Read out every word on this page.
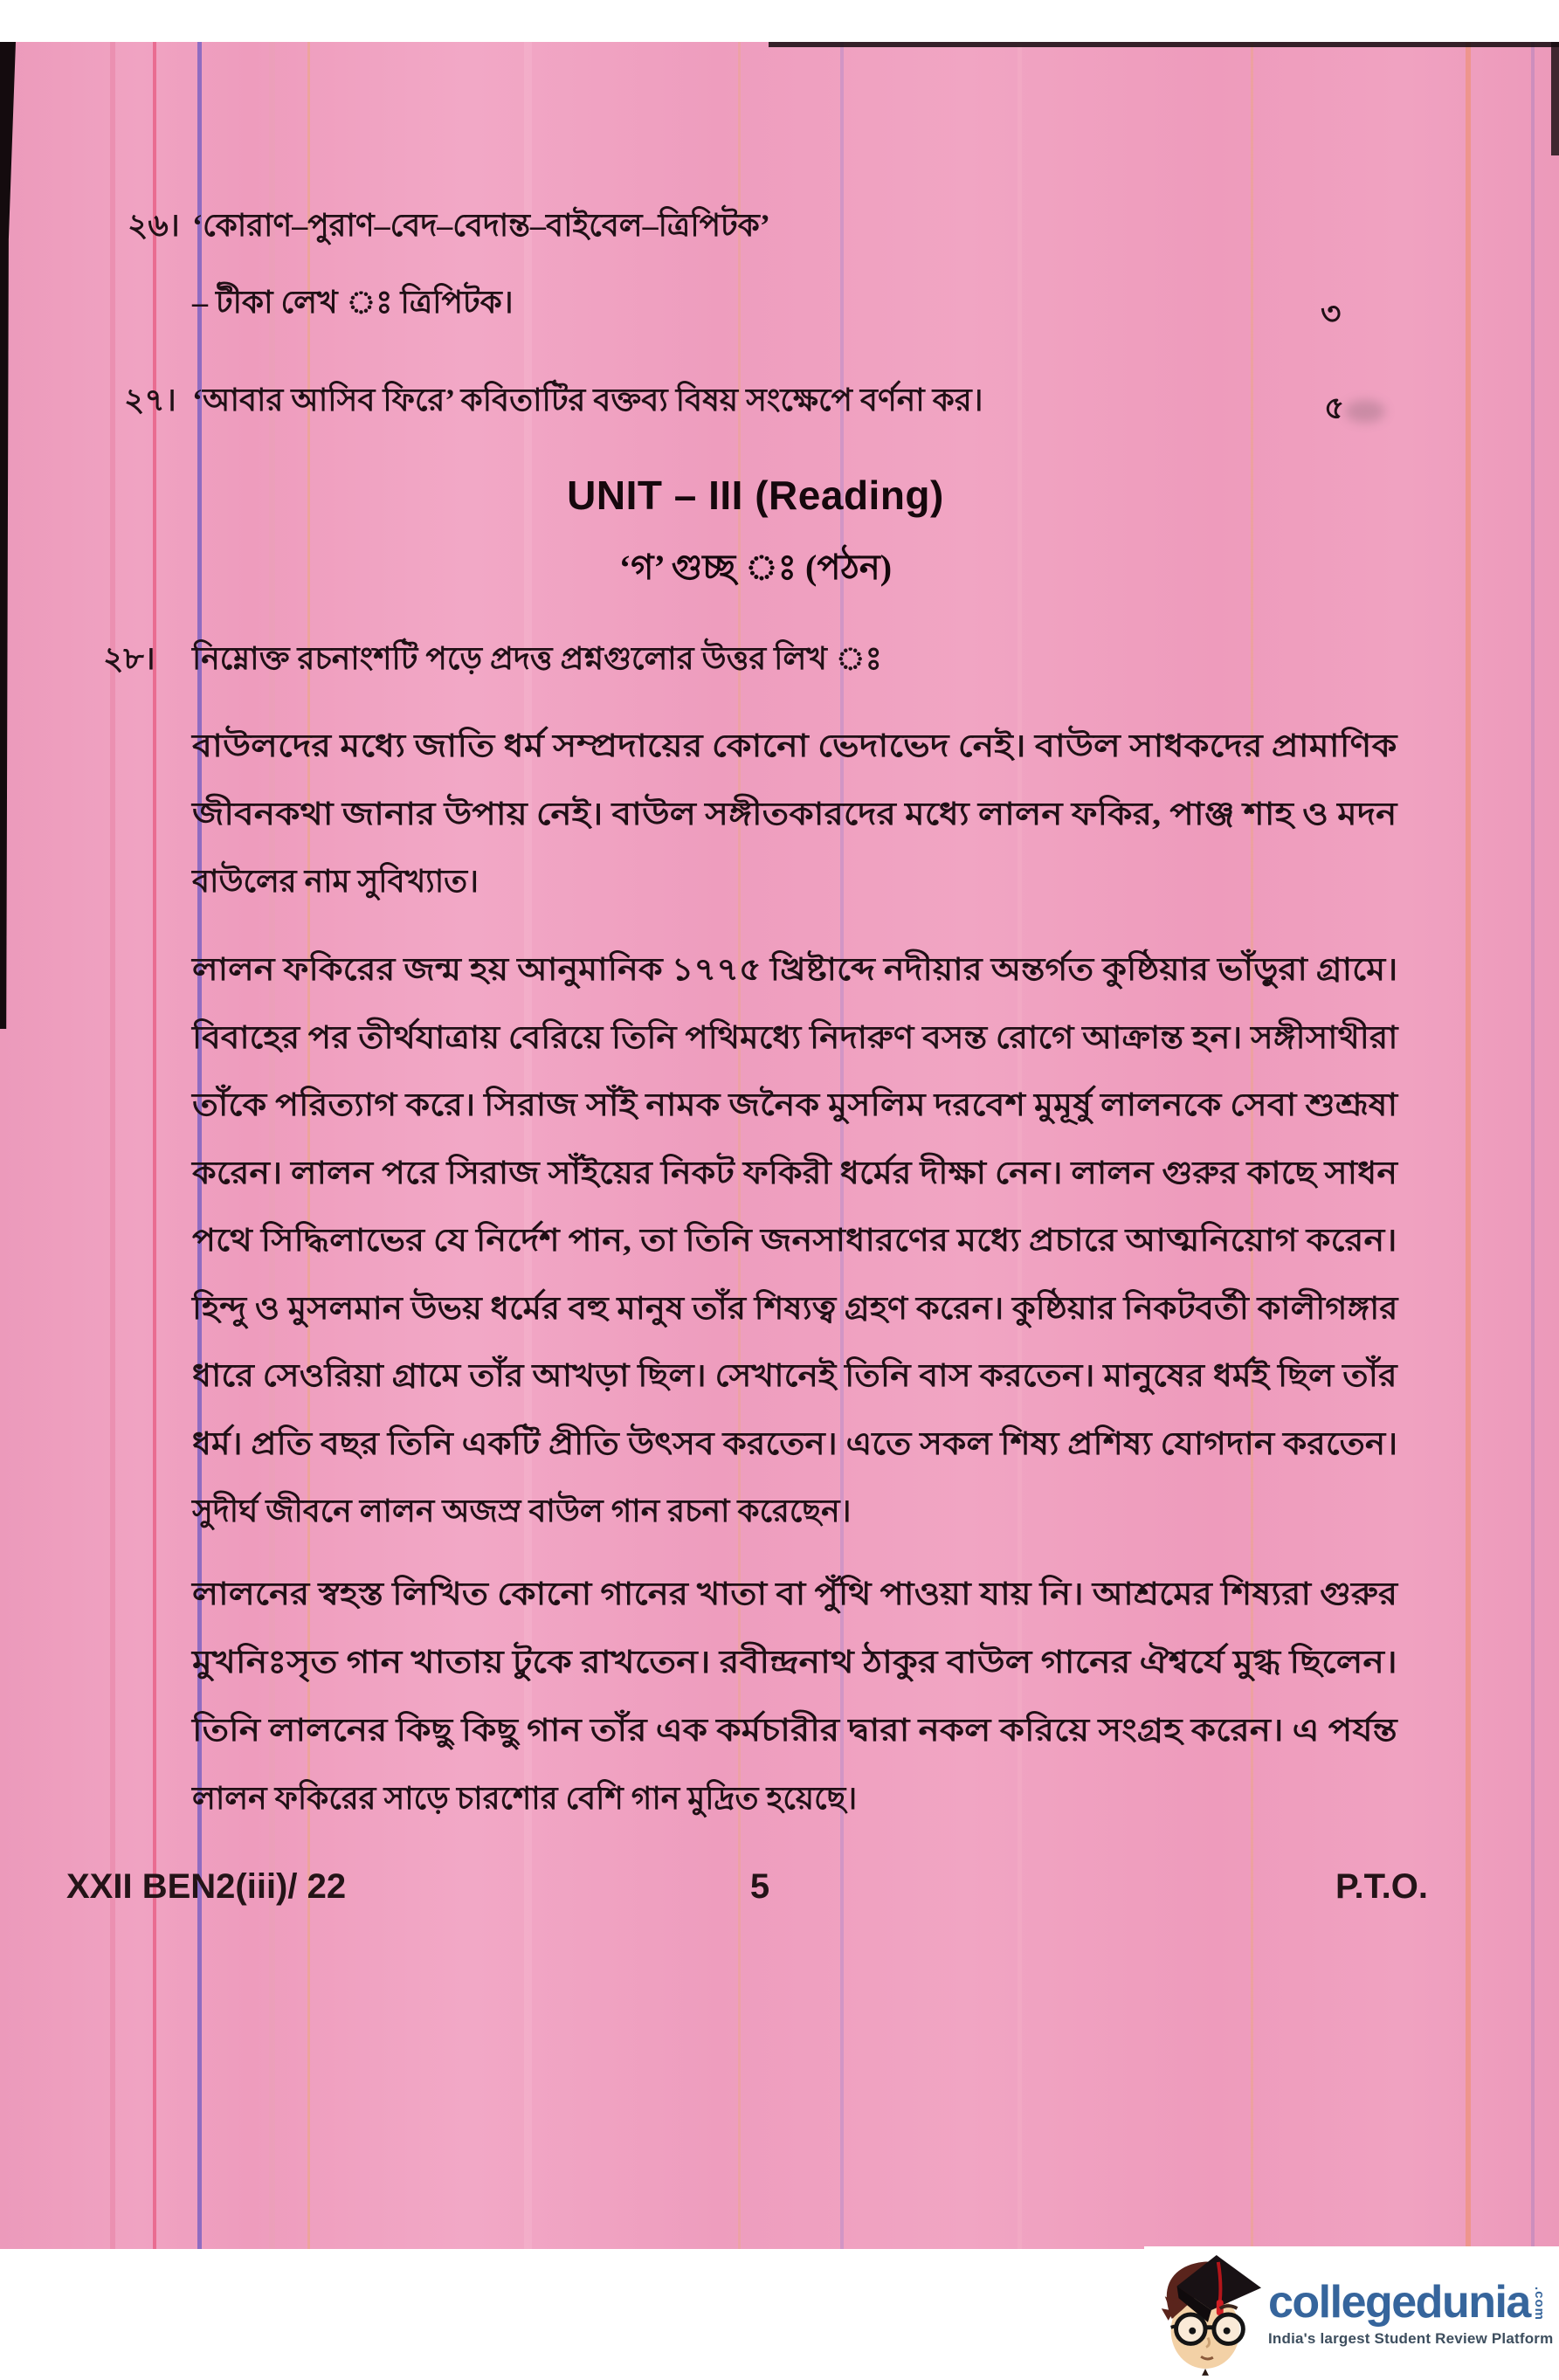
২৬। ‘কোরাণ–পুরাণ–বেদ–বেদান্ত–বাইবেল–ত্রিপিটক’
– টীকা লেখ ঃ ত্রিপিটক।	৩
২৭। ‘আবার আসিব ফিরে’ কবিতাটির বক্তব্য বিষয় সংক্ষেপে বর্ণনা কর।	৫
UNIT – III (Reading)
‘গ’ গুচ্ছ ঃ (পঠন)
২৮। নিম্নোক্ত রচনাংশটি পড়ে প্রদত্ত প্রশ্নগুলোর উত্তর লিখ ঃ
বাউলদের মধ্যে জাতি ধর্ম সম্প্রদায়ের কোনো ভেদাভেদ নেই। বাউল সাধকদের প্রামাণিক
জীবনকথা জানার উপায় নেই। বাউল সঙ্গীতকারদের মধ্যে লালন ফকির, পাঞ্জ শাহ ও মদন
বাউলের নাম সুবিখ্যাত।
লালন ফকিরের জন্ম হয় আনুমানিক ১৭৭৫ খ্রিষ্টাব্দে নদীয়ার অন্তর্গত কুষ্ঠিয়ার ভাঁড়ুরা গ্রামে।
বিবাহের পর তীর্থযাত্রায় বেরিয়ে তিনি পথিমধ্যে নিদারুণ বসন্ত রোগে আক্রান্ত হন। সঙ্গীসাথীরা
তাঁকে পরিত্যাগ করে। সিরাজ সাঁই নামক জনৈক মুসলিম দরবেশ মুমূর্ষু লালনকে সেবা শুশ্রূষা
করেন। লালন পরে সিরাজ সাঁইয়ের নিকট ফকিরী ধর্মের দীক্ষা নেন। লালন গুরুর কাছে সাধন
পথে সিদ্ধিলাভের যে নির্দেশ পান, তা তিনি জনসাধারণের মধ্যে প্রচারে আত্মনিয়োগ করেন।
হিন্দু ও মুসলমান উভয় ধর্মের বহু মানুষ তাঁর শিষ্যত্ব গ্রহণ করেন। কুষ্ঠিয়ার নিকটবর্তী কালীগঙ্গার
ধারে সেওরিয়া গ্রামে তাঁর আখড়া ছিল। সেখানেই তিনি বাস করতেন। মানুষের ধর্মই ছিল তাঁর
ধর্ম। প্রতি বছর তিনি একটি প্রীতি উৎসব করতেন। এতে সকল শিষ্য প্রশিষ্য যোগদান করতেন।
সুদীর্ঘ জীবনে লালন অজস্র বাউল গান রচনা করেছেন।
লালনের স্বহস্ত লিখিত কোনো গানের খাতা বা পুঁথি পাওয়া যায় নি। আশ্রমের শিষ্যরা গুরুর
মুখনিঃসৃত গান খাতায় টুকে রাখতেন। রবীন্দ্রনাথ ঠাকুর বাউল গানের ঐশ্বর্যে মুগ্ধ ছিলেন।
তিনি লালনের কিছু কিছু গান তাঁর এক কর্মচারীর দ্বারা নকল করিয়ে সংগ্রহ করেন। এ পর্যন্ত
লালন ফকিরের সাড়ে চারশোর বেশি গান মুদ্রিত হয়েছে।
XXII BEN2(iii)/ 22	5	P.T.O.
collegedunia .com
India's largest Student Review Platform
